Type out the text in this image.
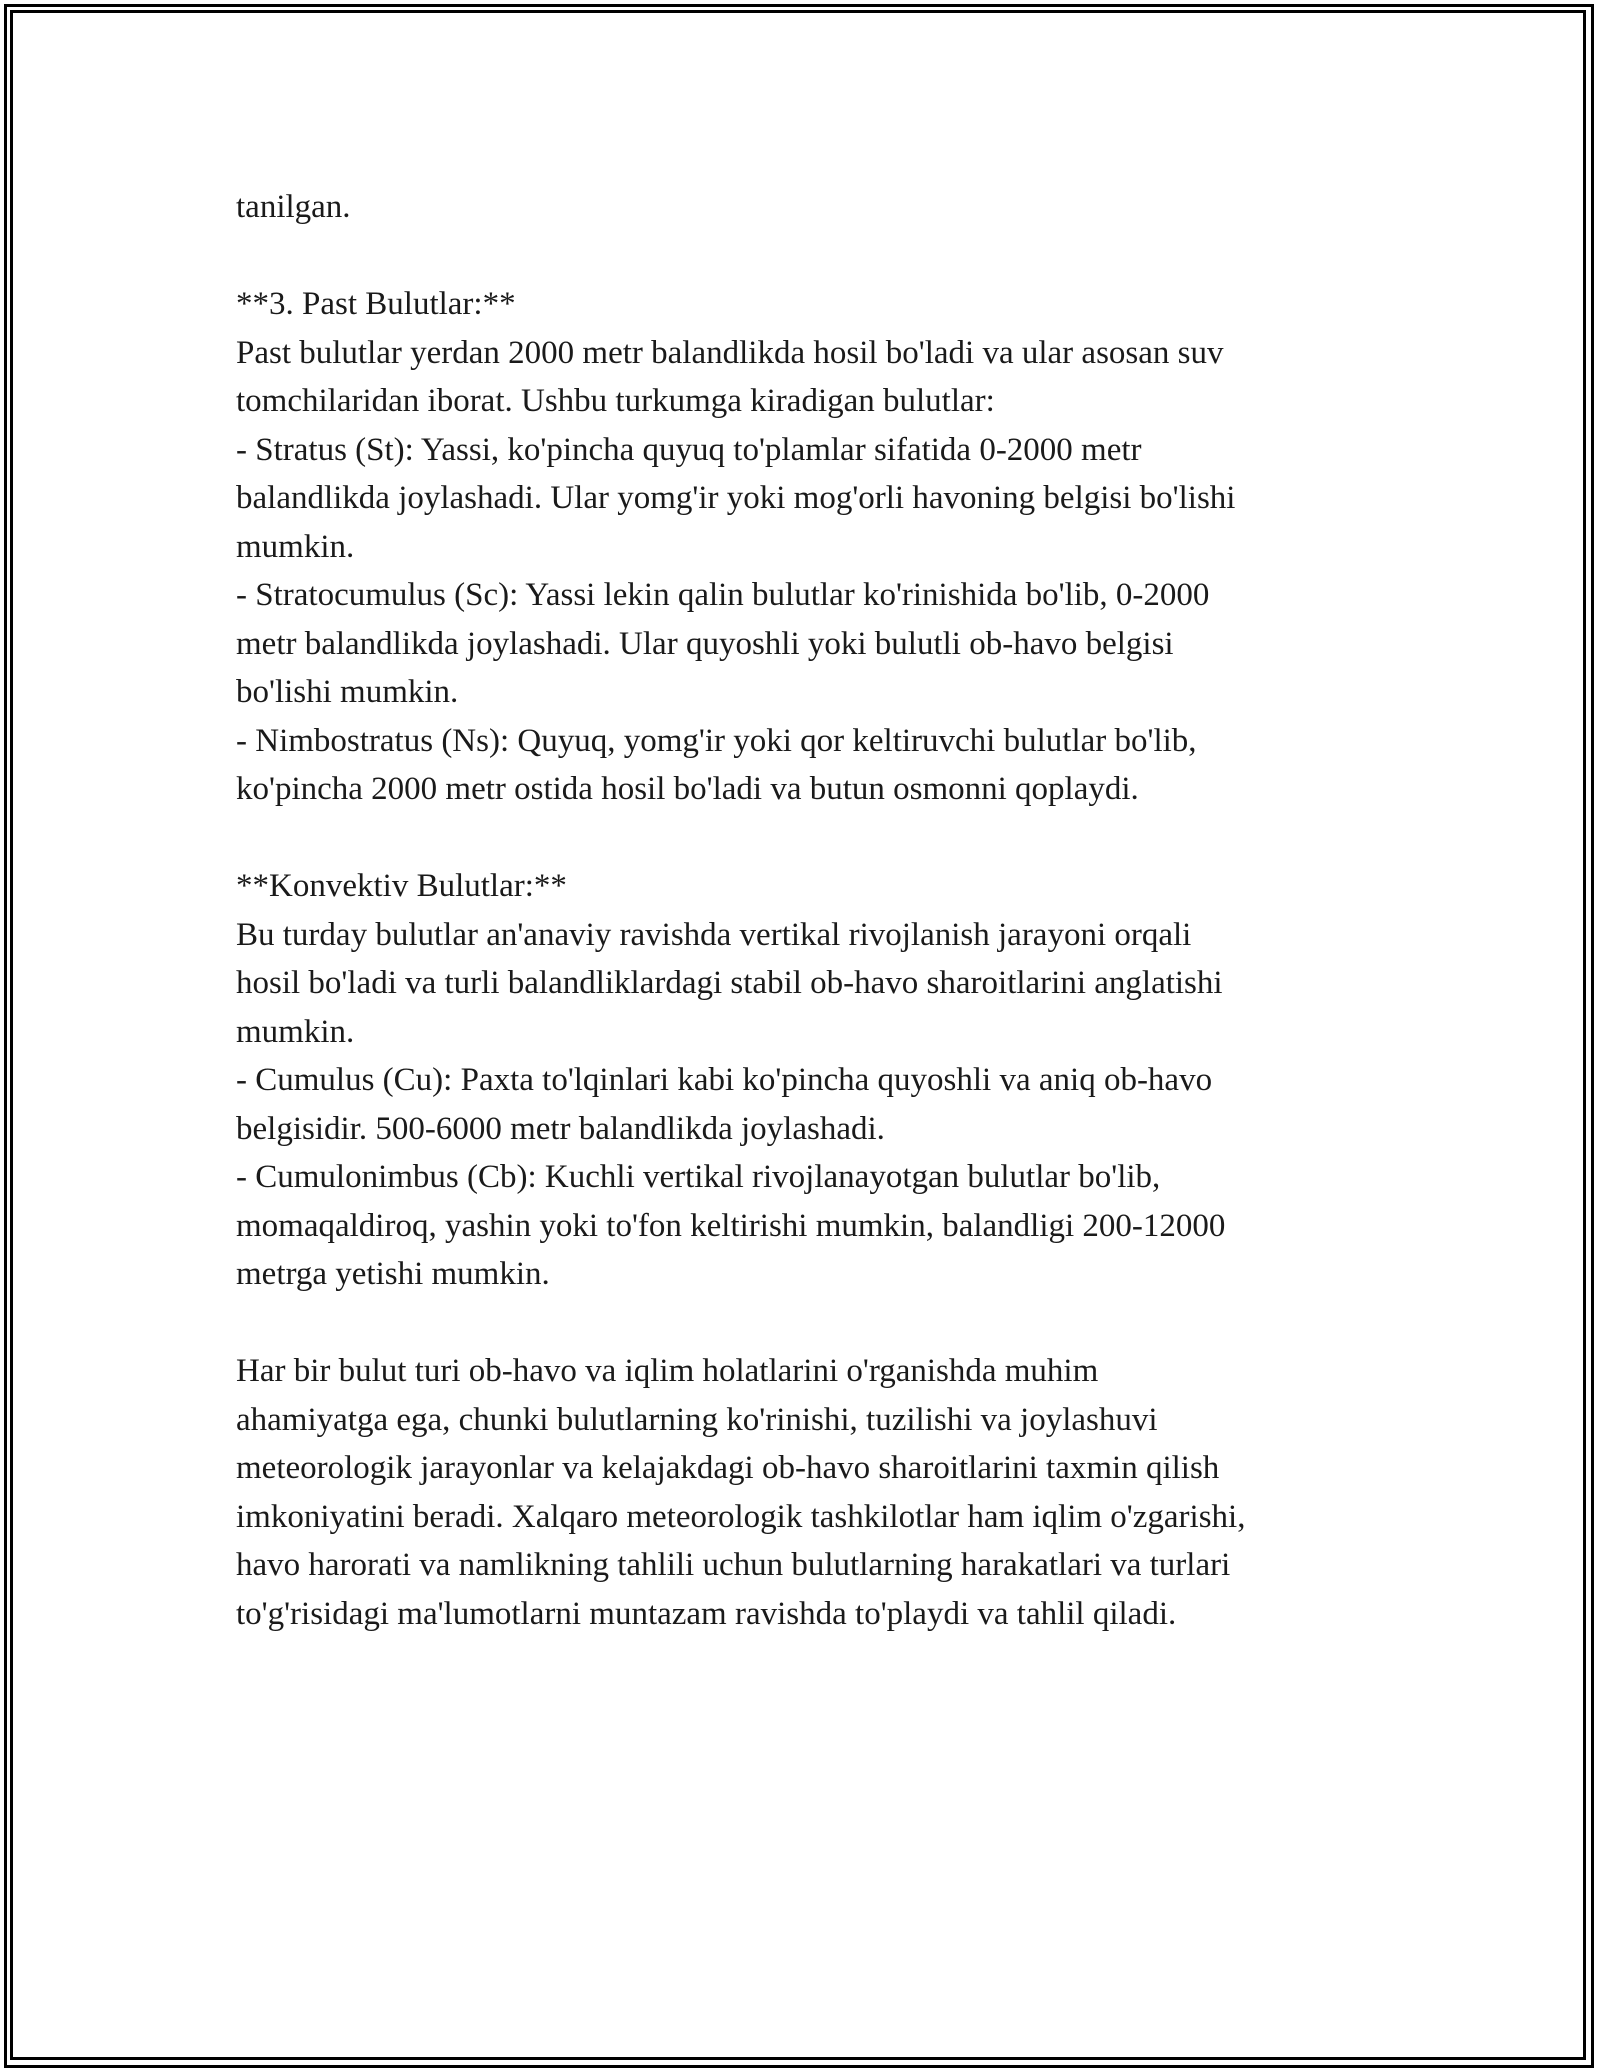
tanilgan.
**3. Past Bulutlar:**
Past bulutlar yerdan 2000 metr balandlikda hosil bo'ladi va ular asosan suv
tomchilaridan iborat. Ushbu turkumga kiradigan bulutlar:
- Stratus (St): Yassi, ko'pincha quyuq to'plamlar sifatida 0-2000 metr
balandlikda joylashadi. Ular yomg'ir yoki mog'orli havoning belgisi bo'lishi
mumkin.
- Stratocumulus (Sc): Yassi lekin qalin bulutlar ko'rinishida bo'lib, 0-2000
metr balandlikda joylashadi. Ular quyoshli yoki bulutli ob-havo belgisi
bo'lishi mumkin.
- Nimbostratus (Ns): Quyuq, yomg'ir yoki qor keltiruvchi bulutlar bo'lib,
ko'pincha 2000 metr ostida hosil bo'ladi va butun osmonni qoplaydi.
**Konvektiv Bulutlar:**
Bu turday bulutlar an'anaviy ravishda vertikal rivojlanish jarayoni orqali
hosil bo'ladi va turli balandliklardagi stabil ob-havo sharoitlarini anglatishi
mumkin.
- Cumulus (Cu): Paxta to'lqinlari kabi ko'pincha quyoshli va aniq ob-havo
belgisidir. 500-6000 metr balandlikda joylashadi.
- Cumulonimbus (Cb): Kuchli vertikal rivojlanayotgan bulutlar bo'lib,
momaqaldiroq, yashin yoki to'fon keltirishi mumkin, balandligi 200-12000
metrga yetishi mumkin.
Har bir bulut turi ob-havo va iqlim holatlarini o'rganishda muhim
ahamiyatga ega, chunki bulutlarning ko'rinishi, tuzilishi va joylashuvi
meteorologik jarayonlar va kelajakdagi ob-havo sharoitlarini taxmin qilish
imkoniyatini beradi. Xalqaro meteorologik tashkilotlar ham iqlim o'zgarishi,
havo harorati va namlikning tahlili uchun bulutlarning harakatlari va turlari
to'g'risidagi ma'lumotlarni muntazam ravishda to'playdi va tahlil qiladi.
